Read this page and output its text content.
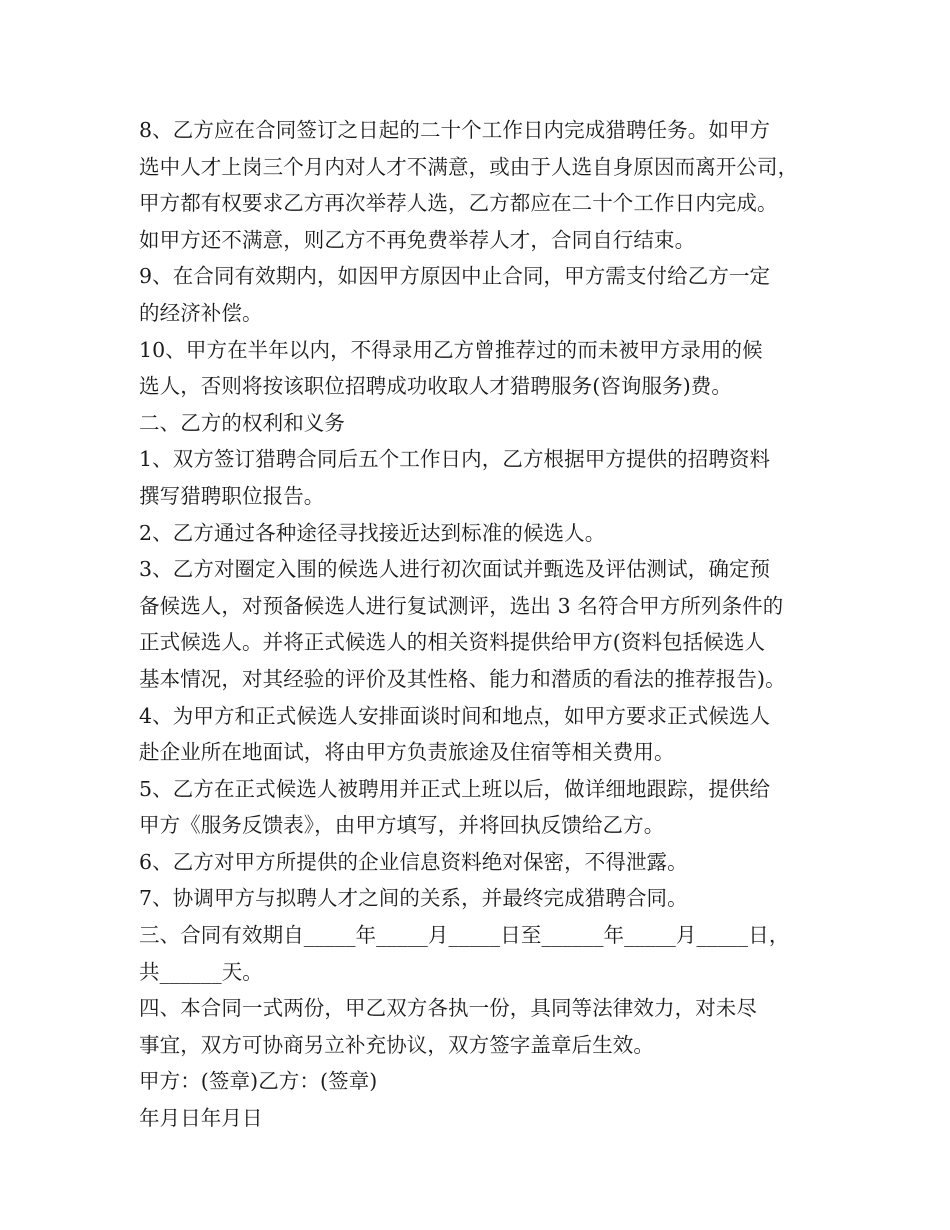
8、乙方应在合同签订之日起的二十个工作日内完成猎聘任务。如甲方
选中人才上岗三个月内对人才不满意，或由于人选自身原因而离开公司，
甲方都有权要求乙方再次举荐人选，乙方都应在二十个工作日内完成。
如甲方还不满意，则乙方不再免费举荐人才，合同自行结束。
9、在合同有效期内，如因甲方原因中止合同，甲方需支付给乙方一定
的经济补偿。
10、甲方在半年以内，不得录用乙方曾推荐过的而未被甲方录用的候
选人，否则将按该职位招聘成功收取人才猎聘服务(咨询服务)费。
二、乙方的权利和义务
1、双方签订猎聘合同后五个工作日内，乙方根据甲方提供的招聘资料
撰写猎聘职位报告。
2、乙方通过各种途径寻找接近达到标准的候选人。
3、乙方对圈定入围的候选人进行初次面试并甄选及评估测试，确定预
备候选人，对预备候选人进行复试测评，选出 3 名符合甲方所列条件的
正式候选人。并将正式候选人的相关资料提供给甲方(资料包括候选人
基本情况，对其经验的评价及其性格、能力和潜质的看法的推荐报告)。
4、为甲方和正式候选人安排面谈时间和地点，如甲方要求正式候选人
赴企业所在地面试，将由甲方负责旅途及住宿等相关费用。
5、乙方在正式候选人被聘用并正式上班以后，做详细地跟踪，提供给
甲方《服务反馈表》，由甲方填写，并将回执反馈给乙方。
6、乙方对甲方所提供的企业信息资料绝对保密，不得泄露。
7、协调甲方与拟聘人才之间的关系，并最终完成猎聘合同。
三、合同有效期自_____年_____月_____日至______年_____月_____日，
共______天。
四、本合同一式两份，甲乙双方各执一份，具同等法律效力，对未尽
事宜，双方可协商另立补充协议，双方签字盖章后生效。
甲方：(签章)乙方：(签章)
年月日年月日
